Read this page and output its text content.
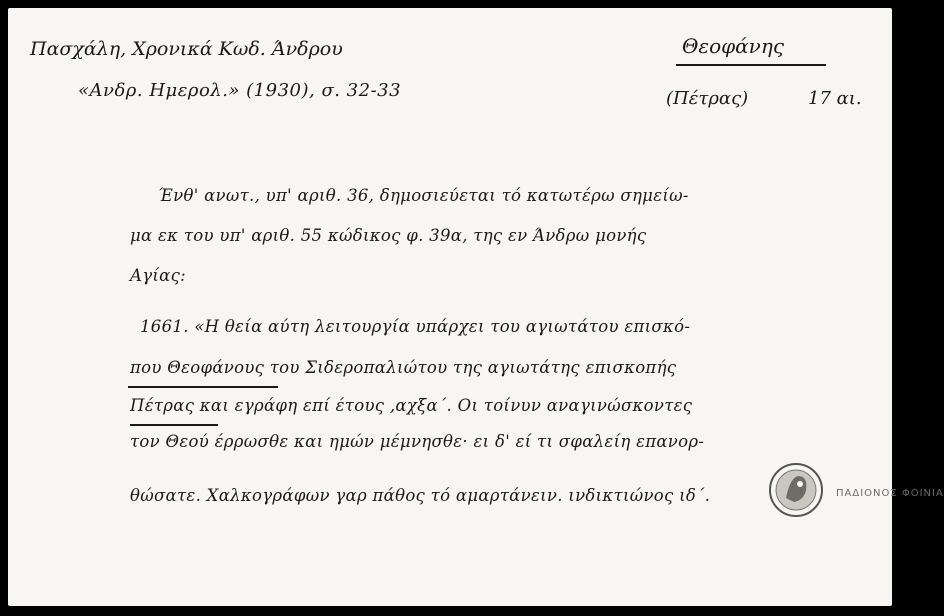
Πασχάλη, Χρονικά Κωδ. Άνδρου
«Ανδρ. Ημερολ.» (1930), σ. 32-33
Θεοφάνης
(Πέτρας)	17 αι.
Ένθ' ανωτ., υπ' αριθ. 36, δημοσιεύεται τό κατωτέρω σημείω-
μα εκ του υπ' αριθ. 55 κώδικος φ. 39α, της εν Άνδρω μονής
Αγίας:
1661. «Η θεία αύτη λειτουργία υπάρχει του αγιωτάτου επισκό-
που Θεοφάνους του Σιδεροπαλιώτου της αγιωτάτης επισκοπής
Πέτρας και εγράφη επί έτους ,αχξα΄. Οι τοίνυν αναγινώσκοντες
τον Θεού έρρωσθε και ημών μέμνησθε· ει δ' εί τι σφαλείη επανορ-
θώσατε. Χαλκογράφων γαρ πάθος τό αμαρτάνειν. ινδικτιώνος ιδ΄.	ΠΑΔΙΟΝΟΣ ΦΟΙΝΙΑ
